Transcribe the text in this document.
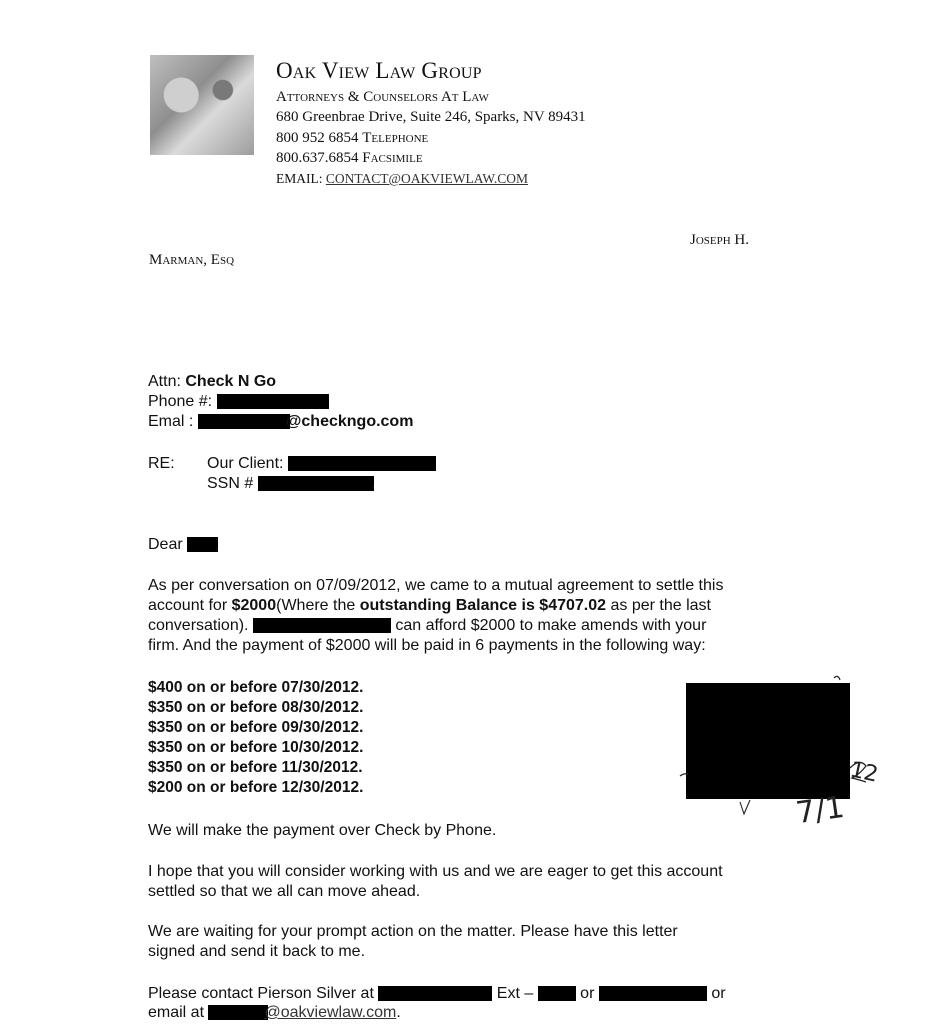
Oak View Law Group
Attorneys & Counselors At Law
680 Greenbrae Drive, Suite 246, Sparks, NV 89431
800 952 6854 Telephone
800.637.6854 Facsimile
EMAIL: CONTACT@OAKVIEWLAW.COM
Joseph H.
Marman, Esq
Attn: Check N Go
Phone #:
Emal :	@checkngo.com
RE: Our Client:
SSN #	.
Dear ,
As per conversation on 07/09/2012, we came to a mutual agreement to settle this
account for $2000(Where the outstanding Balance is $4707.02 as per the last
conversation).	can afford $2000 to make amends with your
firm. And the payment of $2000 will be paid in 6 payments in the following way:
$400 on or before 07/30/2012.
$350 on or before 08/30/2012.
$350 on or before 09/30/2012.
$350 on or before 10/30/2012.
$350 on or before 11/30/2012.
$200 on or before 12/30/2012.
7/1
12
We will make the payment over Check by Phone.
I hope that you will consider working with us and we are eager to get this account
settled so that we all can move ahead.
We are waiting for your prompt action on the matter. Please have this letter
signed and send it back to me.
Please contact Pierson Silver at	Ext –	or	or
email at	@oakviewlaw.com.
